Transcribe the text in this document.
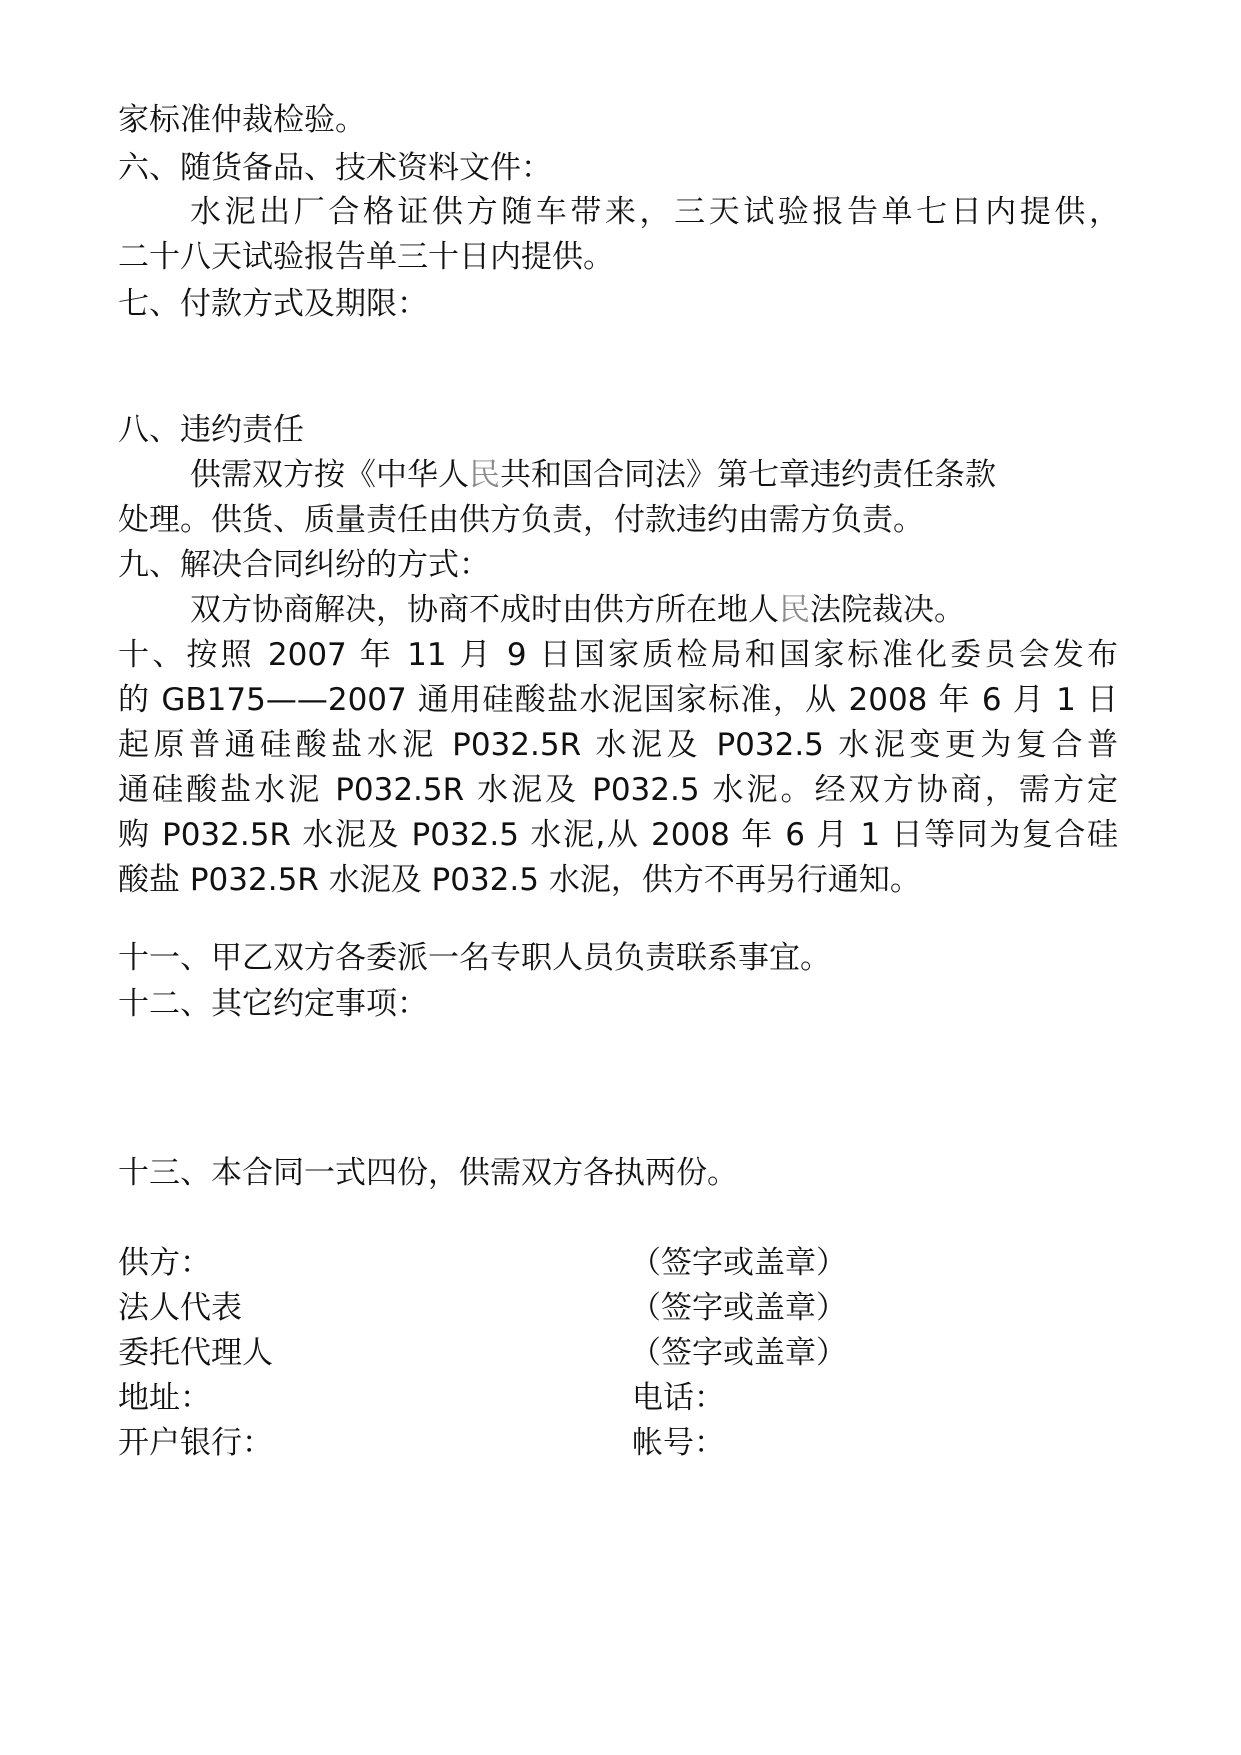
家标准仲裁检验。
六、随货备品、技术资料文件：
水泥出厂合格证供方随车带来，三天试验报告单七日内提供，
二十八天试验报告单三十日内提供。
七、付款方式及期限：
八、违约责任
供需双方按《中华人民共和国合同法》第七章违约责任条款
处理。供货、质量责任由供方负责，付款违约由需方负责。
九、解决合同纠纷的方式：
双方协商解决，协商不成时由供方所在地人民法院裁决。
十、按照 2007 年 11 月 9 日国家质检局和国家标准化委员会发布
的 GB175——2007 通用硅酸盐水泥国家标准，从 2008 年 6 月 1 日
起原普通硅酸盐水泥 P032.5R 水泥及 P032.5 水泥变更为复合普
通硅酸盐水泥 P032.5R 水泥及 P032.5 水泥。经双方协商，需方定
购 P032.5R 水泥及 P032.5 水泥,从 2008 年 6 月 1 日等同为复合硅
酸盐 P032.5R 水泥及 P032.5 水泥，供方不再另行通知。
十一、甲乙双方各委派一名专职人员负责联系事宜。
十二、其它约定事项：
十三、本合同一式四份，供需双方各执两份。
供方：	（签字或盖章）
法人代表	（签字或盖章）
委托代理人	（签字或盖章）
地址：	电话：
开户银行：	帐号：
